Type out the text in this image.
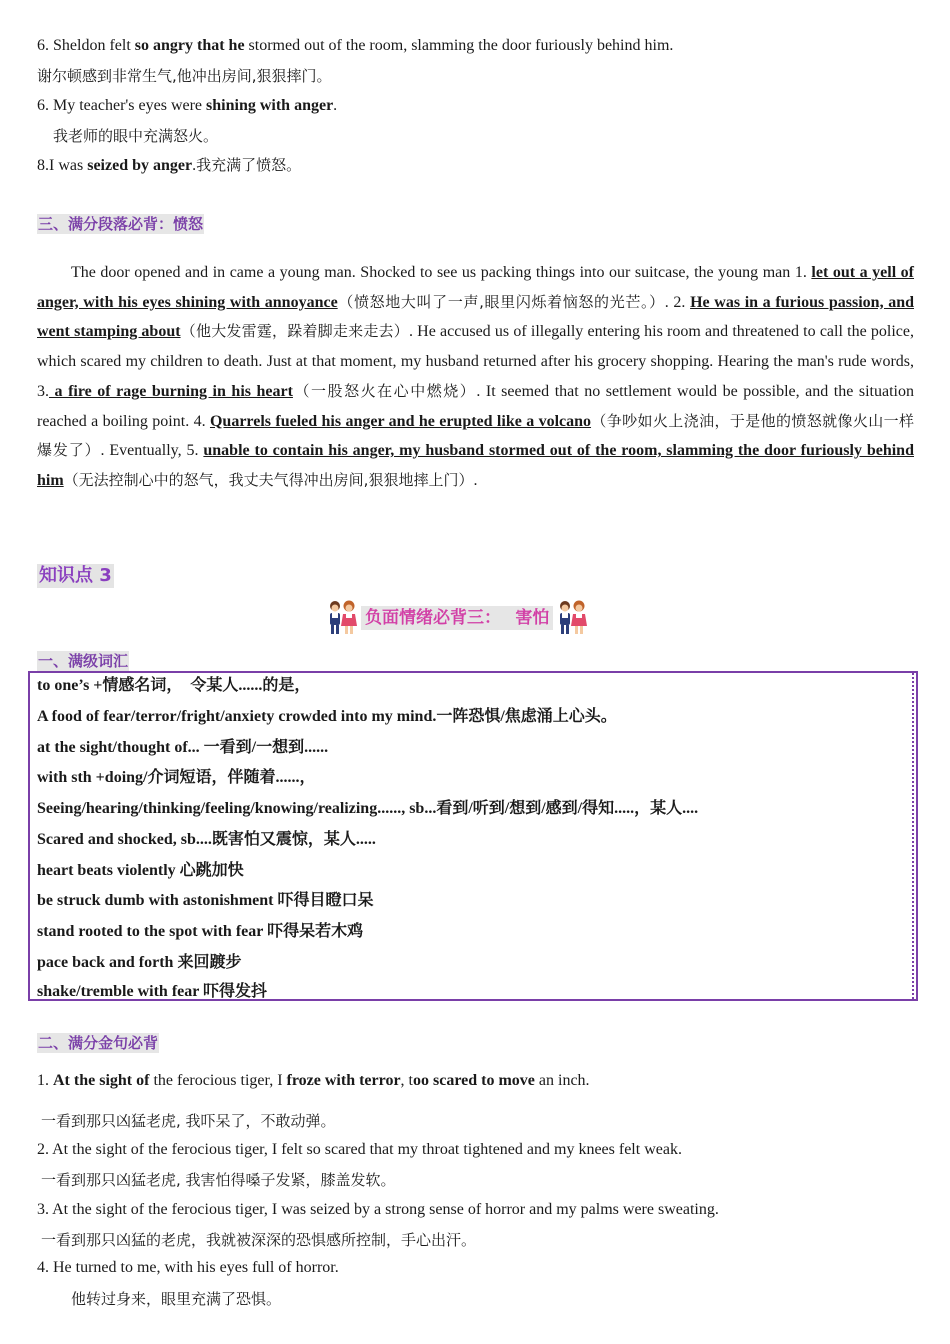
6. Sheldon felt so angry that he stormed out of the room, slamming the door furiously behind him.
谢尔顿感到非常生气,他冲出房间,狠狠摔门。
6. My teacher's eyes were shining with anger.
我老师的眼中充满怒火。
8.I was seized by anger.我充满了愤怒。
三、满分段落必背：愤怒
The door opened and in came a young man. Shocked to see us packing things into our suitcase, the young man 1. let out a yell of anger, with his eyes shining with annoyance（愤怒地大叫了一声,眼里闪烁着恼怒的光芒。）. 2. He was in a furious passion, and went stamping about（他大发雷霆，跺着脚走来走去）. He accused us of illegally entering his room and threatened to call the police, which scared my children to death. Just at that moment, my husband returned after his grocery shopping. Hearing the man's rude words, 3. a fire of rage burning in his heart（一股怒火在心中燃烧）. It seemed that no settlement would be possible, and the situation reached a boiling point. 4. Quarrels fueled his anger and he erupted like a volcano（争吵如火上浇油，于是他的愤怒就像火山一样爆发了）. Eventually, 5. unable to contain his anger, my husband stormed out of the room, slamming the door furiously behind him（无法控制心中的怒气，我丈夫气得冲出房间,狠狠地摔上门）.
知识点 3
负面情绪必背三：　 害怕
一、满级词汇
to one’s +情感名词，　令某人......的是，
A food of fear/terror/fright/anxiety crowded into my mind.一阵恐惧/焦虑涌上心头。
at the sight/thought of... 一看到/一想到......
with sth +doing/介词短语，伴随着......，
Seeing/hearing/thinking/feeling/knowing/realizing......, sb...看到/听到/想到/感到/得知.....，某人....
Scared and shocked, sb....既害怕又震惊，某人.....
heart beats violently 心跳加快
be struck dumb with astonishment 吓得目瞪口呆
stand rooted to the spot with fear 吓得呆若木鸡
pace back and forth 来回踱步
shake/tremble with fear 吓得发抖
二、满分金句必背
1. At the sight of the ferocious tiger, I froze with terror, too scared to move an inch.
一看到那只凶猛老虎, 我吓呆了，不敢动弹。
2. At the sight of the ferocious tiger, I felt so scared that my throat tightened and my knees felt weak.
一看到那只凶猛老虎, 我害怕得嗓子发紧，膝盖发软。
3. At the sight of the ferocious tiger, I was seized by a strong sense of horror and my palms were sweating.
一看到那只凶猛的老虎，我就被深深的恐惧感所控制，手心出汗。
4. He turned to me, with his eyes full of horror.
他转过身来，眼里充满了恐惧。
